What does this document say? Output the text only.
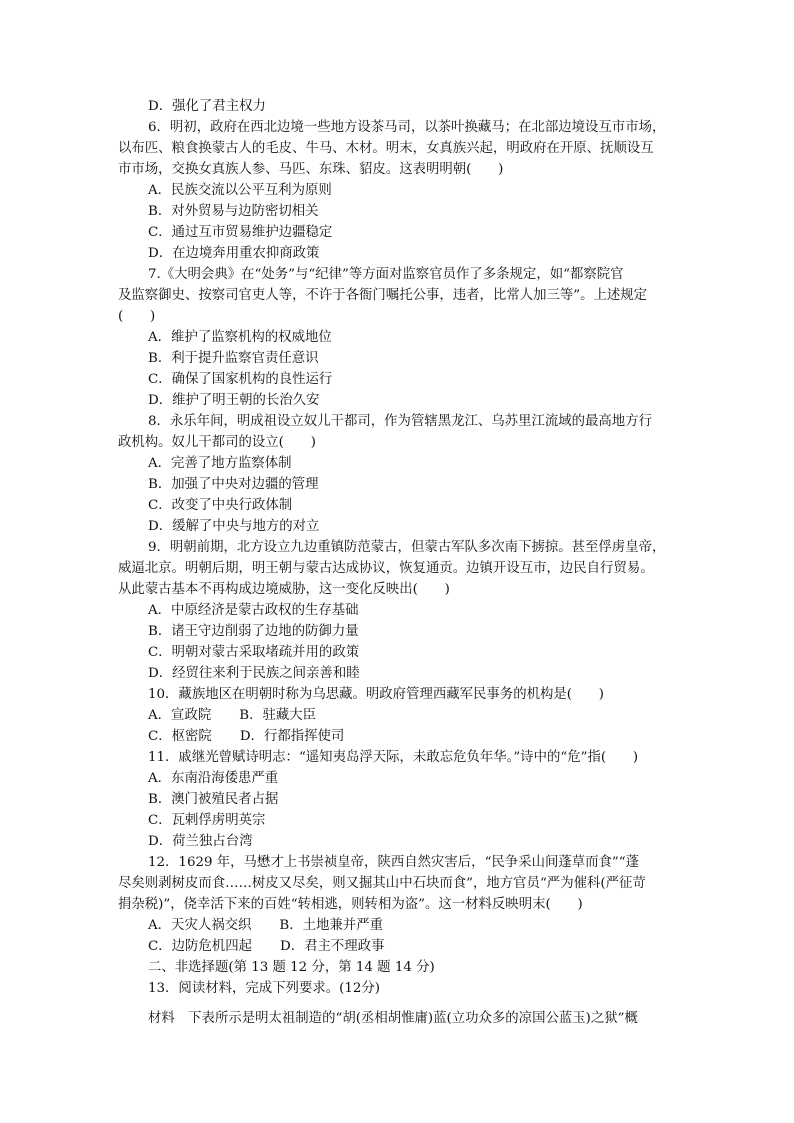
D．强化了君主权力
6．明初，政府在西北边境一些地方设茶马司，以茶叶换藏马；在北部边境设互市市场，
以布匹、粮食换蒙古人的毛皮、牛马、木材。明末，女真族兴起，明政府在开原、抚顺设互
市市场，交换女真族人参、马匹、东珠、貂皮。这表明明朝(　　)
A．民族交流以公平互利为原则
B．对外贸易与边防密切相关
C．通过互市贸易维护边疆稳定
D．在边境奔用重农抑商政策
7.《大明会典》在“处务”与“纪律”等方面对监察官员作了多条规定，如“都察院官
及监察御史、按察司官吏人等，不许于各衙门嘱托公事，违者，比常人加三等”。上述规定
(　　)
A．维护了监察机构的权威地位
B．利于提升监察官责任意识
C．确保了国家机构的良性运行
D．维护了明王朝的长治久安
8．永乐年间，明成祖设立奴儿干都司，作为管辖黑龙江、乌苏里江流域的最高地方行
政机构。奴儿干都司的设立(　　)
A．完善了地方监察体制
B．加强了中央对边疆的管理
C．改变了中央行政体制
D．缓解了中央与地方的对立
9．明朝前期，北方设立九边重镇防范蒙古，但蒙古军队多次南下掳掠。甚至俘虏皇帝，
威逼北京。明朝后期，明王朝与蒙古达成协议，恢复通贡。边镇开设互市，边民自行贸易。
从此蒙古基本不再构成边境威胁，这一变化反映出(　　)
A．中原经济是蒙古政权的生存基础
B．诸王守边削弱了边地的防御力量
C．明朝对蒙古采取堵疏并用的政策
D．经贸往来利于民族之间亲善和睦
10．藏族地区在明朝时称为乌思藏。明政府管理西藏军民事务的机构是(　　)
A．宣政院 B．驻藏大臣
C．枢密院 D．行都指挥使司
11．戚继光曾赋诗明志：“遥知夷岛浮天际，未敢忘危负年华。”诗中的“危”指(　　)
A．东南沿海倭患严重
B．澳门被殖民者占据
C．瓦剌俘虏明英宗
D．荷兰独占台湾
12．1629 年，马懋才上书崇祯皇帝，陕西自然灾害后，“民争采山间蓬草而食”“蓬
尽矣则剥树皮而食……树皮又尽矣，则又掘其山中石块而食”，地方官员“严为催科(严征苛
捐杂税)”，侥幸活下来的百姓“转相逃，则转相为盗”。这一材料反映明末(　　)
A．天灾人祸交织 B．土地兼并严重
C．边防危机四起 D．君主不理政事
二、非选择题(第 13 题 12 分，第 14 题 14 分)
13．阅读材料，完成下列要求。(12分)
材料　下表所示是明太祖制造的“胡(丞相胡惟庸)蓝(立功众多的凉国公蓝玉)之狱”概
